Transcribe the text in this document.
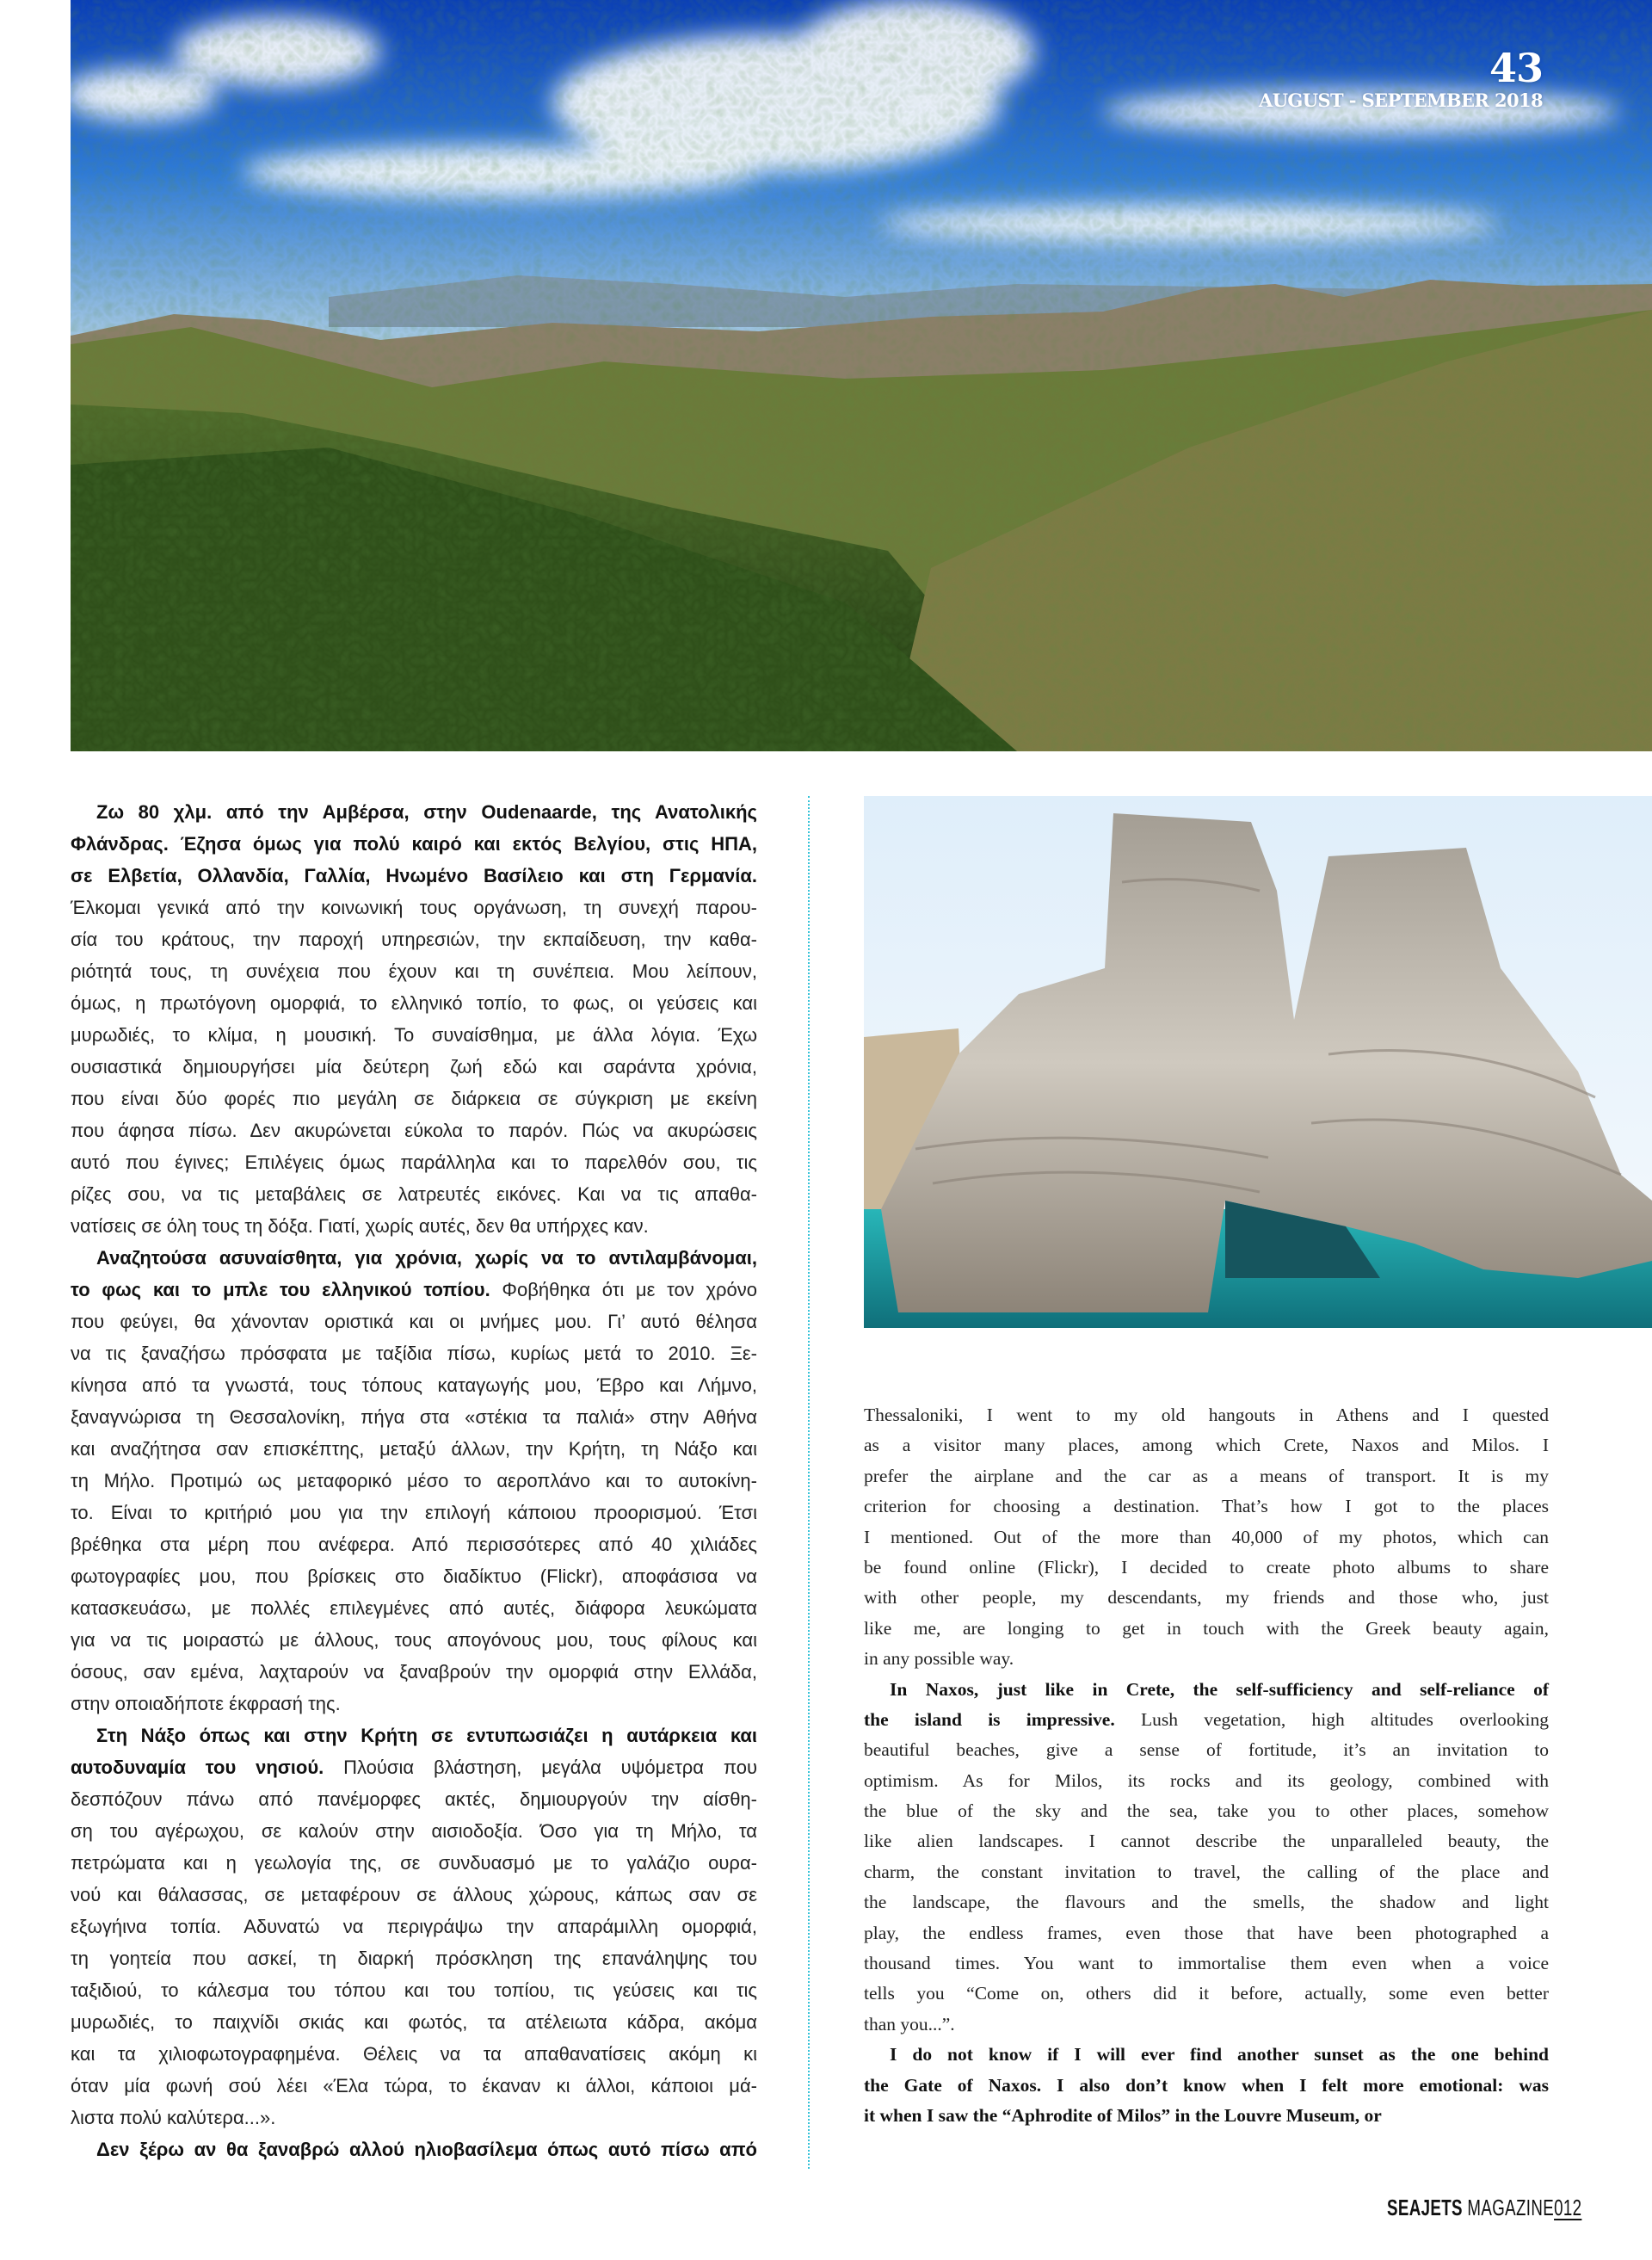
43
AUGUST - SEPTEMBER 2018
Ζω 80 χλμ. από την Αμβέρσα, στην Oudenaarde, της Ανατολικής
Φλάνδρας. Έζησα όμως για πολύ καιρό και εκτός Βελγίου, στις ΗΠΑ,
σε Ελβετία, Ολλανδία, Γαλλία, Ηνωμένο Βασίλειο και στη Γερμανία.
Έλκομαι γενικά από την κοινωνική τους οργάνωση, τη συνεχή παρου-
σία του κράτους, την παροχή υπηρεσιών, την εκπαίδευση, την καθα-
ριότητά τους, τη συνέχεια που έχουν και τη συνέπεια. Μου λείπουν,
όμως, η πρωτόγονη ομορφιά, το ελληνικό τοπίο, το φως, οι γεύσεις και
μυρωδιές, το κλίμα, η μουσική. Το συναίσθημα, με άλλα λόγια. Έχω
ουσιαστικά δημιουργήσει μία δεύτερη ζωή εδώ και σαράντα χρόνια,
που είναι δύο φορές πιο μεγάλη σε διάρκεια σε σύγκριση με εκείνη
που άφησα πίσω. Δεν ακυρώνεται εύκολα το παρόν. Πώς να ακυρώσεις
αυτό που έγινες; Επιλέγεις όμως παράλληλα και το παρελθόν σου, τις
ρίζες σου, να τις μεταβάλεις σε λατρευτές εικόνες. Και να τις απαθα-
νατίσεις σε όλη τους τη δόξα. Γιατί, χωρίς αυτές, δεν θα υπήρχες καν.
Αναζητούσα ασυναίσθητα, για χρόνια, χωρίς να το αντιλαμβάνομαι,
το φως και το μπλε του ελληνικού τοπίου. Φοβήθηκα ότι με τον χρόνο
που φεύγει, θα χάνονταν οριστικά και οι μνήμες μου. Γι’ αυτό θέλησα
να τις ξαναζήσω πρόσφατα με ταξίδια πίσω, κυρίως μετά το 2010. Ξε-
κίνησα από τα γνωστά, τους τόπους καταγωγής μου, Έβρο και Λήμνο,
ξαναγνώρισα τη Θεσσαλονίκη, πήγα στα «στέκια τα παλιά» στην Αθήνα
και αναζήτησα σαν επισκέπτης, μεταξύ άλλων, την Κρήτη, τη Νάξο και
τη Μήλο. Προτιμώ ως μεταφορικό μέσο το αεροπλάνο και το αυτοκίνη-
το. Είναι το κριτήριό μου για την επιλογή κάποιου προορισμού. Έτσι
βρέθηκα στα μέρη που ανέφερα. Από περισσότερες από 40 χιλιάδες
φωτογραφίες μου, που βρίσκεις στο διαδίκτυο (Flickr), αποφάσισα να
κατασκευάσω, με πολλές επιλεγμένες από αυτές, διάφορα λευκώματα
για να τις μοιραστώ με άλλους, τους απογόνους μου, τους φίλους και
όσους, σαν εμένα, λαχταρούν να ξαναβρούν την ομορφιά στην Ελλάδα,
στην οποιαδήποτε έκφρασή της.
Στη Νάξο όπως και στην Κρήτη σε εντυπωσιάζει η αυτάρκεια και
αυτοδυναμία του νησιού. Πλούσια βλάστηση, μεγάλα υψόμετρα που
δεσπόζουν πάνω από πανέμορφες ακτές, δημιουργούν την αίσθη-
ση του αγέρωχου, σε καλούν στην αισιοδοξία. Όσο για τη Μήλο, τα
πετρώματα και η γεωλογία της, σε συνδυασμό με το γαλάζιο ουρα-
νού και θάλασσας, σε μεταφέρουν σε άλλους χώρους, κάπως σαν σε
εξωγήινα τοπία. Αδυνατώ να περιγράψω την απαράμιλλη ομορφιά,
τη γοητεία που ασκεί, τη διαρκή πρόσκληση της επανάληψης του
ταξιδιού, το κάλεσμα του τόπου και του τοπίου, τις γεύσεις και τις
μυρωδιές, το παιχνίδι σκιάς και φωτός, τα ατέλειωτα κάδρα, ακόμα
και τα χιλιοφωτογραφημένα. Θέλεις να τα απαθανατίσεις ακόμη κι
όταν μία φωνή σού λέει «Έλα τώρα, το έκαναν κι άλλοι, κάποιοι μά-
λιστα πολύ καλύτερα...».
Δεν ξέρω αν θα ξαναβρώ αλλού ηλιοβασίλεμα όπως αυτό πίσω από
Thessaloniki, I went to my old hangouts in Athens and I quested
as a visitor many places, among which Crete, Naxos and Milos. I
prefer the airplane and the car as a means of transport. It is my
criterion for choosing a destination. That’s how I got to the places
I mentioned. Out of the more than 40,000 of my photos, which can
be found online (Flickr), I decided to create photo albums to share
with other people, my descendants, my friends and those who, just
like me, are longing to get in touch with the Greek beauty again,
in any possible way.
In Naxos, just like in Crete, the self-sufficiency and self-reliance of
the island is impressive. Lush vegetation, high altitudes overlooking
beautiful beaches, give a sense of fortitude, it’s an invitation to
optimism. As for Milos, its rocks and its geology, combined with
the blue of the sky and the sea, take you to other places, somehow
like alien landscapes. I cannot describe the unparalleled beauty, the
charm, the constant invitation to travel, the calling of the place and
the landscape, the flavours and the smells, the shadow and light
play, the endless frames, even those that have been photographed a
thousand times. You want to immortalise them even when a voice
tells you “Come on, others did it before, actually, some even better
than you...”.
I do not know if I will ever find another sunset as the one behind
the Gate of Naxos. I also don’t know when I felt more emotional: was
it when I saw the “Aphrodite of Milos” in the Louvre Museum, or
SEAJETS MAGAZINE012
